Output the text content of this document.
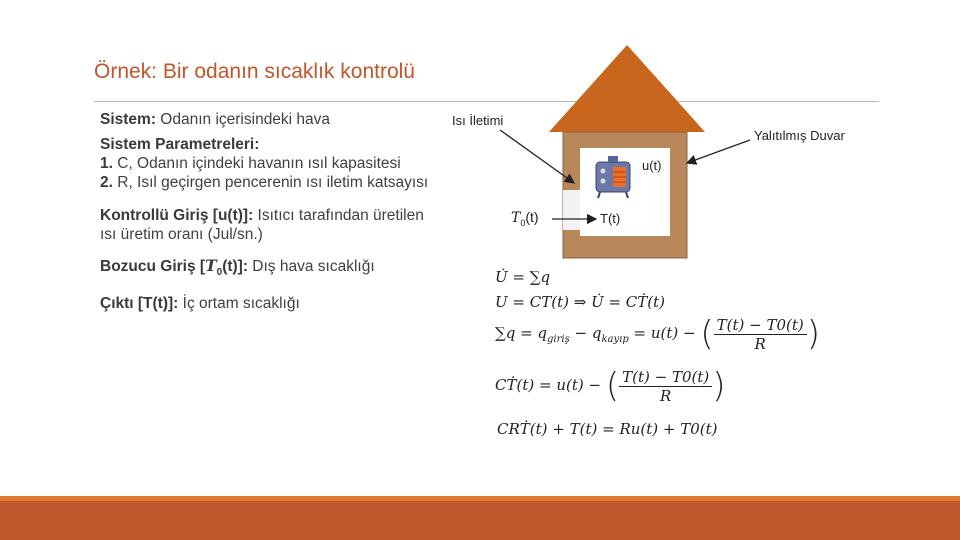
Örnek: Bir odanın sıcaklık kontrolü
Sistem: Odanın içerisindeki hava
Sistem Parametreleri:
1. C, Odanın içindeki havanın ısıl kapasitesi
2. R, Isıl geçirgen pencerenin ısı iletim katsayısı
Kontrollü Giriş [u(t)]: Isıtıcı tarafından üretilen ısı üretim oranı (Jul/sn.)
Bozucu Giriş $[T_0(t)]$: Dış hava sıcaklığı
Çıktı [T(t)]: İç ortam sıcaklığı
Isı İletimi
Yalıtılmış Duvar
u(t)
T(t)
$T_0(t)$
U̇ = ∑q
U = CT(t) ⇒ U̇ = CṪ(t)
$\sum q = q_{giriş} - q_{kayıp} = u(t)$ − ( $\frac{T(t) - T0(t)}{R}$ )
CṪ(t) = u(t) − ( $\frac{T(t) - T0(t)}{R}$ )
CRṪ(t) + T(t) = Ru(t) + T0(t)
